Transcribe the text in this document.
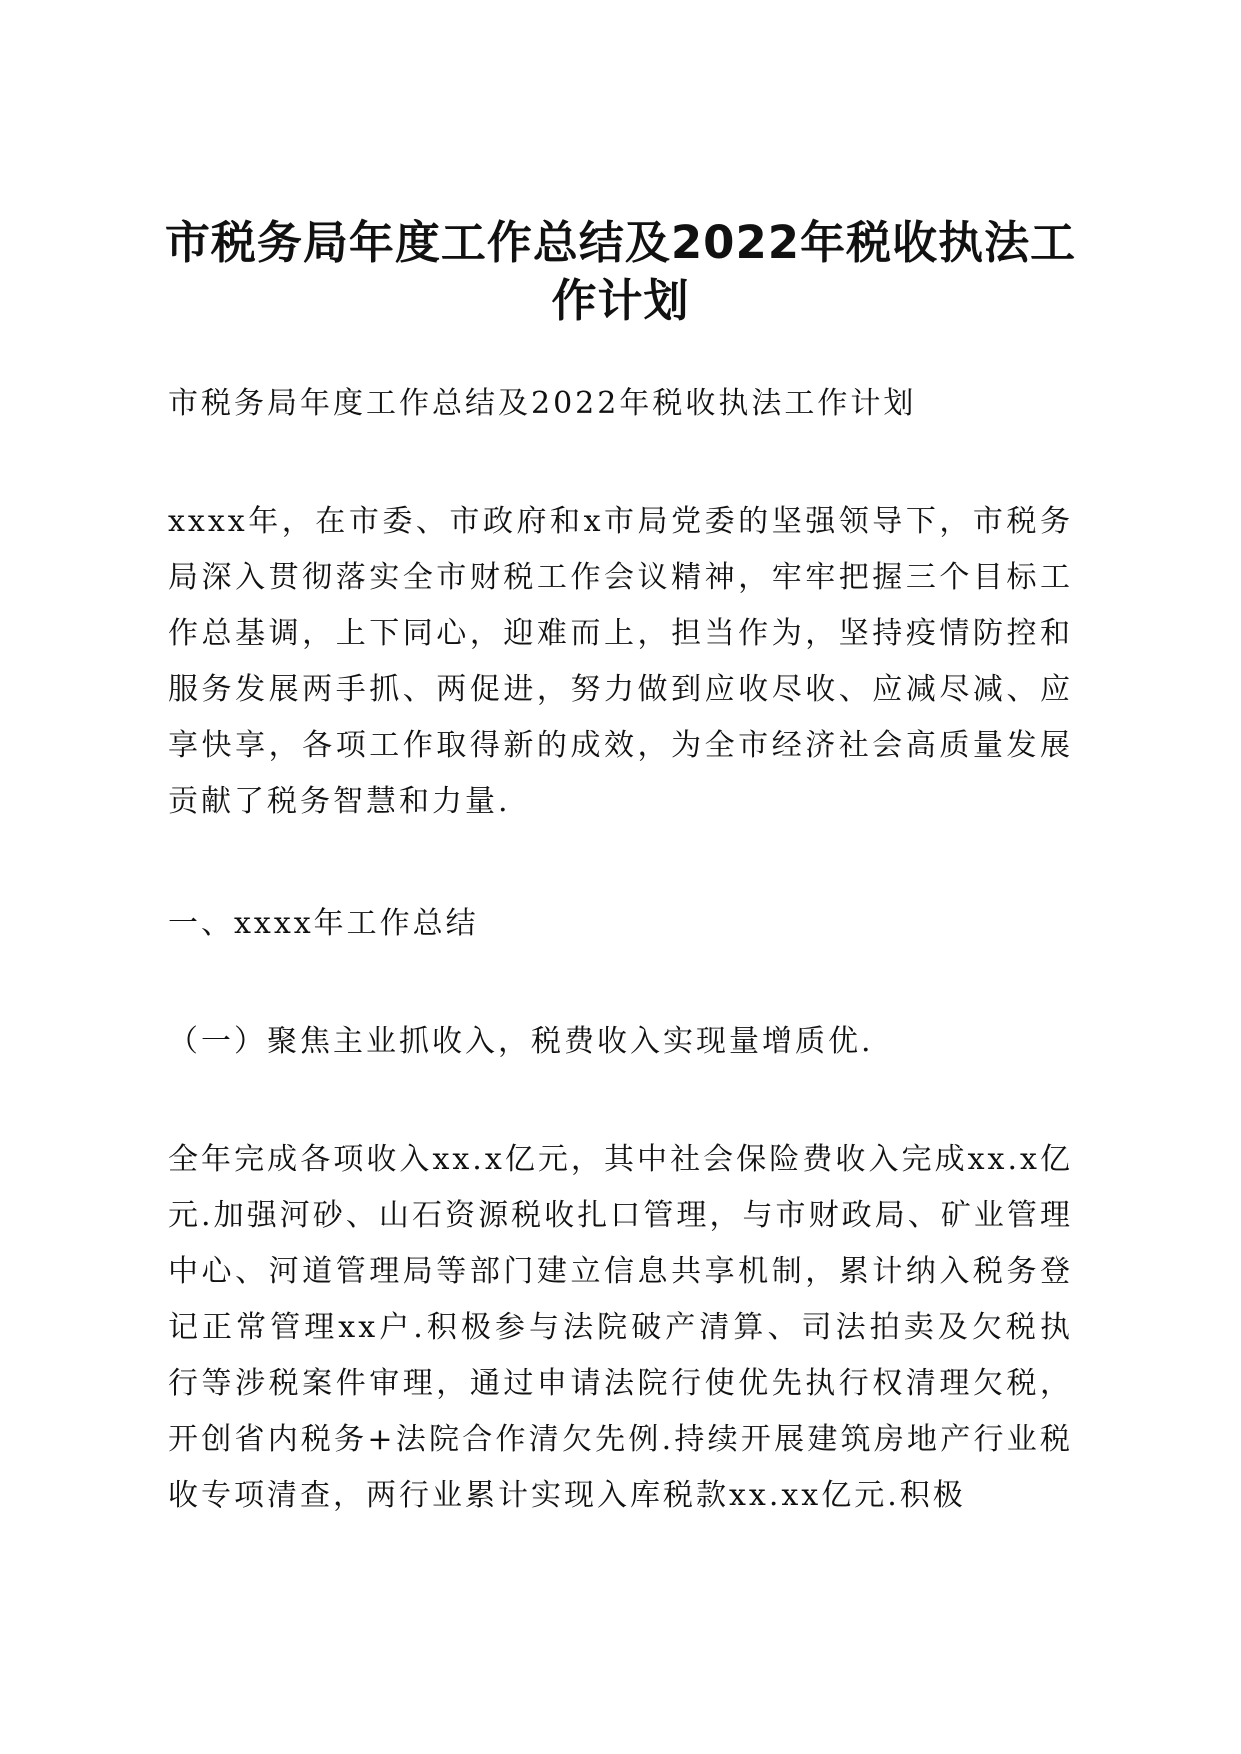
市税务局年度工作总结及2022年税收执法工作计划

市税务局年度工作总结及2022年税收执法工作计划

xxxx年，在市委、市政府和x市局党委的坚强领导下，市税务局深入贯彻落实全市财税工作会议精神，牢牢把握三个目标工作总基调，上下同心，迎难而上，担当作为，坚持疫情防控和服务发展两手抓、两促进，努力做到应收尽收、应减尽减、应享快享，各项工作取得新的成效，为全市经济社会高质量发展贡献了税务智慧和力量.

一、xxxx年工作总结

（一）聚焦主业抓收入，税费收入实现量增质优.

全年完成各项收入xx.x亿元，其中社会保险费收入完成xx.x亿元.加强河砂、山石资源税收扎口管理，与市财政局、矿业管理中心、河道管理局等部门建立信息共享机制，累计纳入税务登记正常管理xx户.积极参与法院破产清算、司法拍卖及欠税执行等涉税案件审理，通过申请法院行使优先执行权清理欠税，开创省内税务+法院合作清欠先例.持续开展建筑房地产行业税收专项清查，两行业累计实现入库税款xx.xx亿元.积极
